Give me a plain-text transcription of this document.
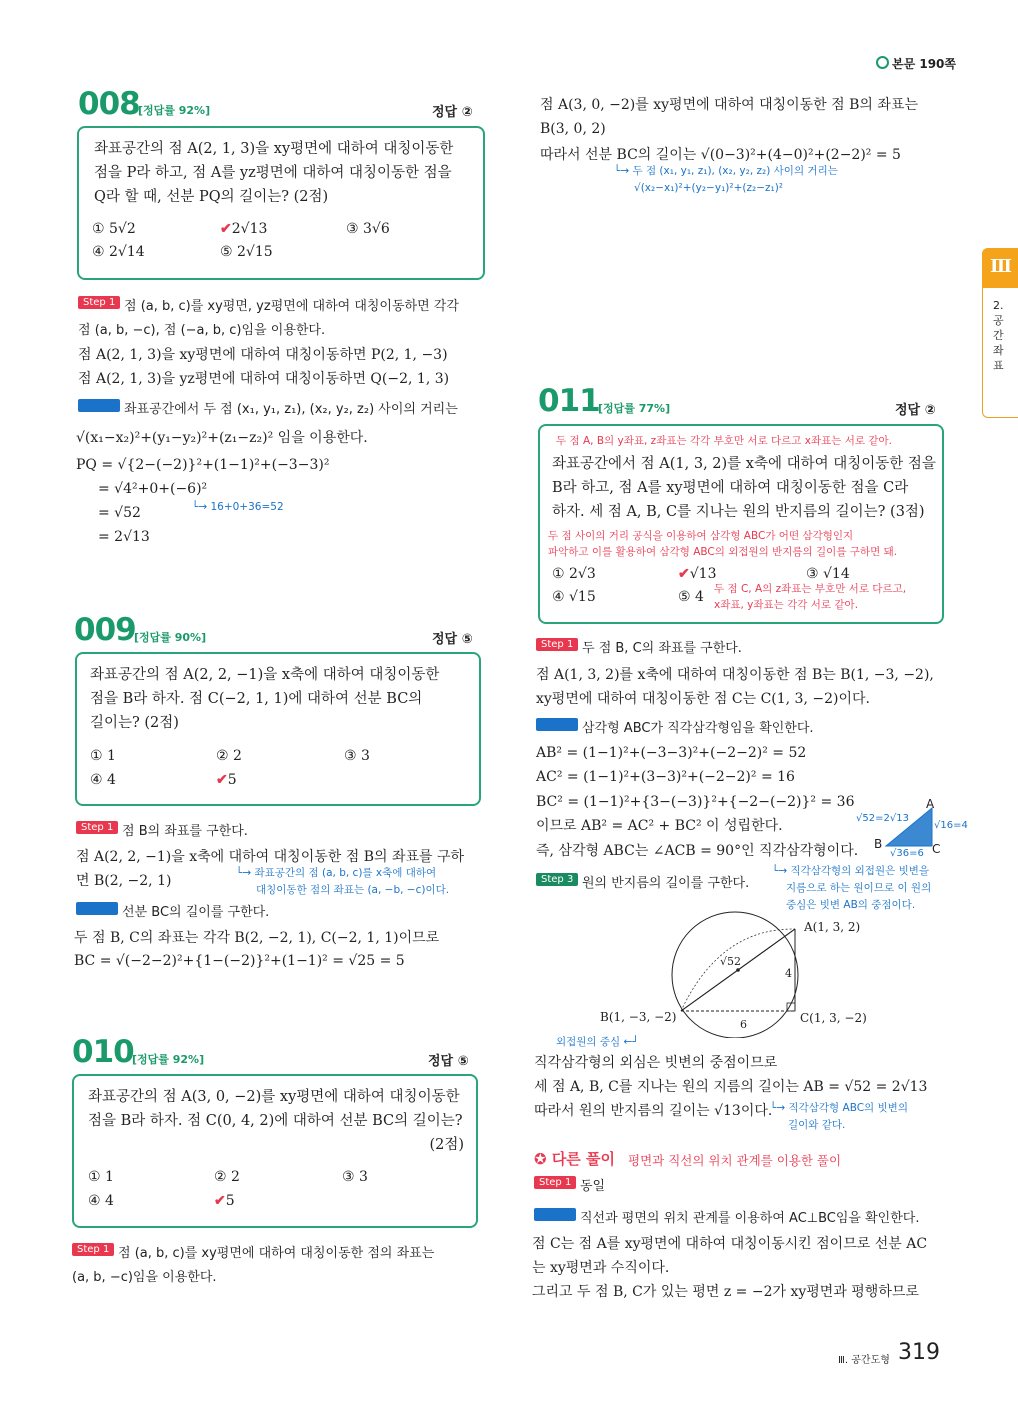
본문 190쪽
Ⅲ
2. 공간좌표
008
[정답률 92%]	정답 ②
좌표공간의 점 A(2, 1, 3)을 xy평면에 대하여 대칭이동한
점을 P라 하고, 점 A를 yz평면에 대하여 대칭이동한 점을
Q라 할 때, 선분 PQ의 길이는? (2점)
① 5√2	✔2√13	③ 3√6
④ 2√14	⑤ 2√15
Step 1 점 (a, b, c)를 xy평면, yz평면에 대하여 대칭이동하면 각각
점 (a, b, −c), 점 (−a, b, c)임을 이용한다.
점 A(2, 1, 3)을 xy평면에 대하여 대칭이동하면 P(2, 1, −3)
점 A(2, 1, 3)을 yz평면에 대하여 대칭이동하면 Q(−2, 1, 3)
Step 2 좌표공간에서 두 점 (x₁, y₁, z₁), (x₂, y₂, z₂) 사이의 거리는
√(x₁−x₂)²+(y₁−y₂)²+(z₁−z₂)² 임을 이용한다.
PQ = √{2−(−2)}²+(1−1)²+(−3−3)²
= √4²+0+(−6)²
= √52	└→ 16+0+36=52
= 2√13
009
[정답률 90%]	정답 ⑤
좌표공간의 점 A(2, 2, −1)을 x축에 대하여 대칭이동한
점을 B라 하자. 점 C(−2, 1, 1)에 대하여 선분 BC의
길이는? (2점)
① 1	② 2	③ 3
④ 4	✔5
Step 1 점 B의 좌표를 구한다.
점 A(2, 2, −1)을 x축에 대하여 대칭이동한 점 B의 좌표를 구하
면 B(2, −2, 1)	└→ 좌표공간의 점 (a, b, c)를 x축에 대하여
대칭이동한 점의 좌표는 (a, −b, −c)이다.
Step 2 선분 BC의 길이를 구한다.
두 점 B, C의 좌표는 각각 B(2, −2, 1), C(−2, 1, 1)이므로
BC = √(−2−2)²+{1−(−2)}²+(1−1)² = √25 = 5
010
[정답률 92%]	정답 ⑤
좌표공간의 점 A(3, 0, −2)를 xy평면에 대하여 대칭이동한
점을 B라 하자. 점 C(0, 4, 2)에 대하여 선분 BC의 길이는?
(2점)
① 1	② 2	③ 3
④ 4	✔5
Step 1 점 (a, b, c)를 xy평면에 대하여 대칭이동한 점의 좌표는
(a, b, −c)임을 이용한다.
점 A(3, 0, −2)를 xy평면에 대하여 대칭이동한 점 B의 좌표는
B(3, 0, 2)
따라서 선분 BC의 길이는 √(0−3)²+(4−0)²+(2−2)² = 5
└→ 두 점 (x₁, y₁, z₁), (x₂, y₂, z₂) 사이의 거리는
√(x₂−x₁)²+(y₂−y₁)²+(z₂−z₁)²
011
[정답률 77%]	정답 ②
두 점 A, B의 y좌표, z좌표는 각각 부호만 서로 다르고 x좌표는 서로 같아.
좌표공간에서 점 A(1, 3, 2)를 x축에 대하여 대칭이동한 점을
B라 하고, 점 A를 xy평면에 대하여 대칭이동한 점을 C라
하자. 세 점 A, B, C를 지나는 원의 반지름의 길이는? (3점)
두 점 사이의 거리 공식을 이용하여 삼각형 ABC가 어떤 삼각형인지
파악하고 이를 활용하여 삼각형 ABC의 외접원의 반지름의 길이를 구하면 돼.
① 2√3	✔√13	③ √14
④ √15	⑤ 4 두 점 C, A의 z좌표는 부호만 서로 다르고,
x좌표, y좌표는 각각 서로 같아.
Step 1 두 점 B, C의 좌표를 구한다.
점 A(1, 3, 2)를 x축에 대하여 대칭이동한 점 B는 B(1, −3, −2),
xy평면에 대하여 대칭이동한 점 C는 C(1, 3, −2)이다.
Step 2 삼각형 ABC가 직각삼각형임을 확인한다.
AB² = (1−1)²+(−3−3)²+(−2−2)² = 52
AC² = (1−1)²+(3−3)²+(−2−2)² = 16
BC² = (1−1)²+{3−(−3)}²+{−2−(−2)}² = 36
이므로 AB² = AC² + BC² 이 성립한다.
즉, 삼각형 ABC는 ∠ACB = 90°인 직각삼각형이다.
A
B	C
√52=2√13
√16=4
√36=6
└→ 직각삼각형의 외접원은 빗변을
지름으로 하는 원이므로 이 원의
중심은 빗변 AB의 중점이다.
Step 3 원의 반지름의 길이를 구한다.
A(1, 3, 2)
B(1, −3, −2)	C(1, 3, −2)
√52
4
6
외접원의 중심 ←┘
직각삼각형의 외심은 빗변의 중점이므로
세 점 A, B, C를 지나는 원의 지름의 길이는 AB = √52 = 2√13
따라서 원의 반지름의 길이는 √13이다.
└→ 직각삼각형 ABC의 빗변의
길이와 같다.
✪ 다른 풀이 평면과 직선의 위치 관계를 이용한 풀이
Step 1 동일
Step 2 직선과 평면의 위치 관계를 이용하여 AC⊥BC임을 확인한다.
점 C는 점 A를 xy평면에 대하여 대칭이동시킨 점이므로 선분 AC
는 xy평면과 수직이다.
그리고 두 점 B, C가 있는 평면 z = −2가 xy평면과 평행하므로
Ⅲ. 공간도형 319
